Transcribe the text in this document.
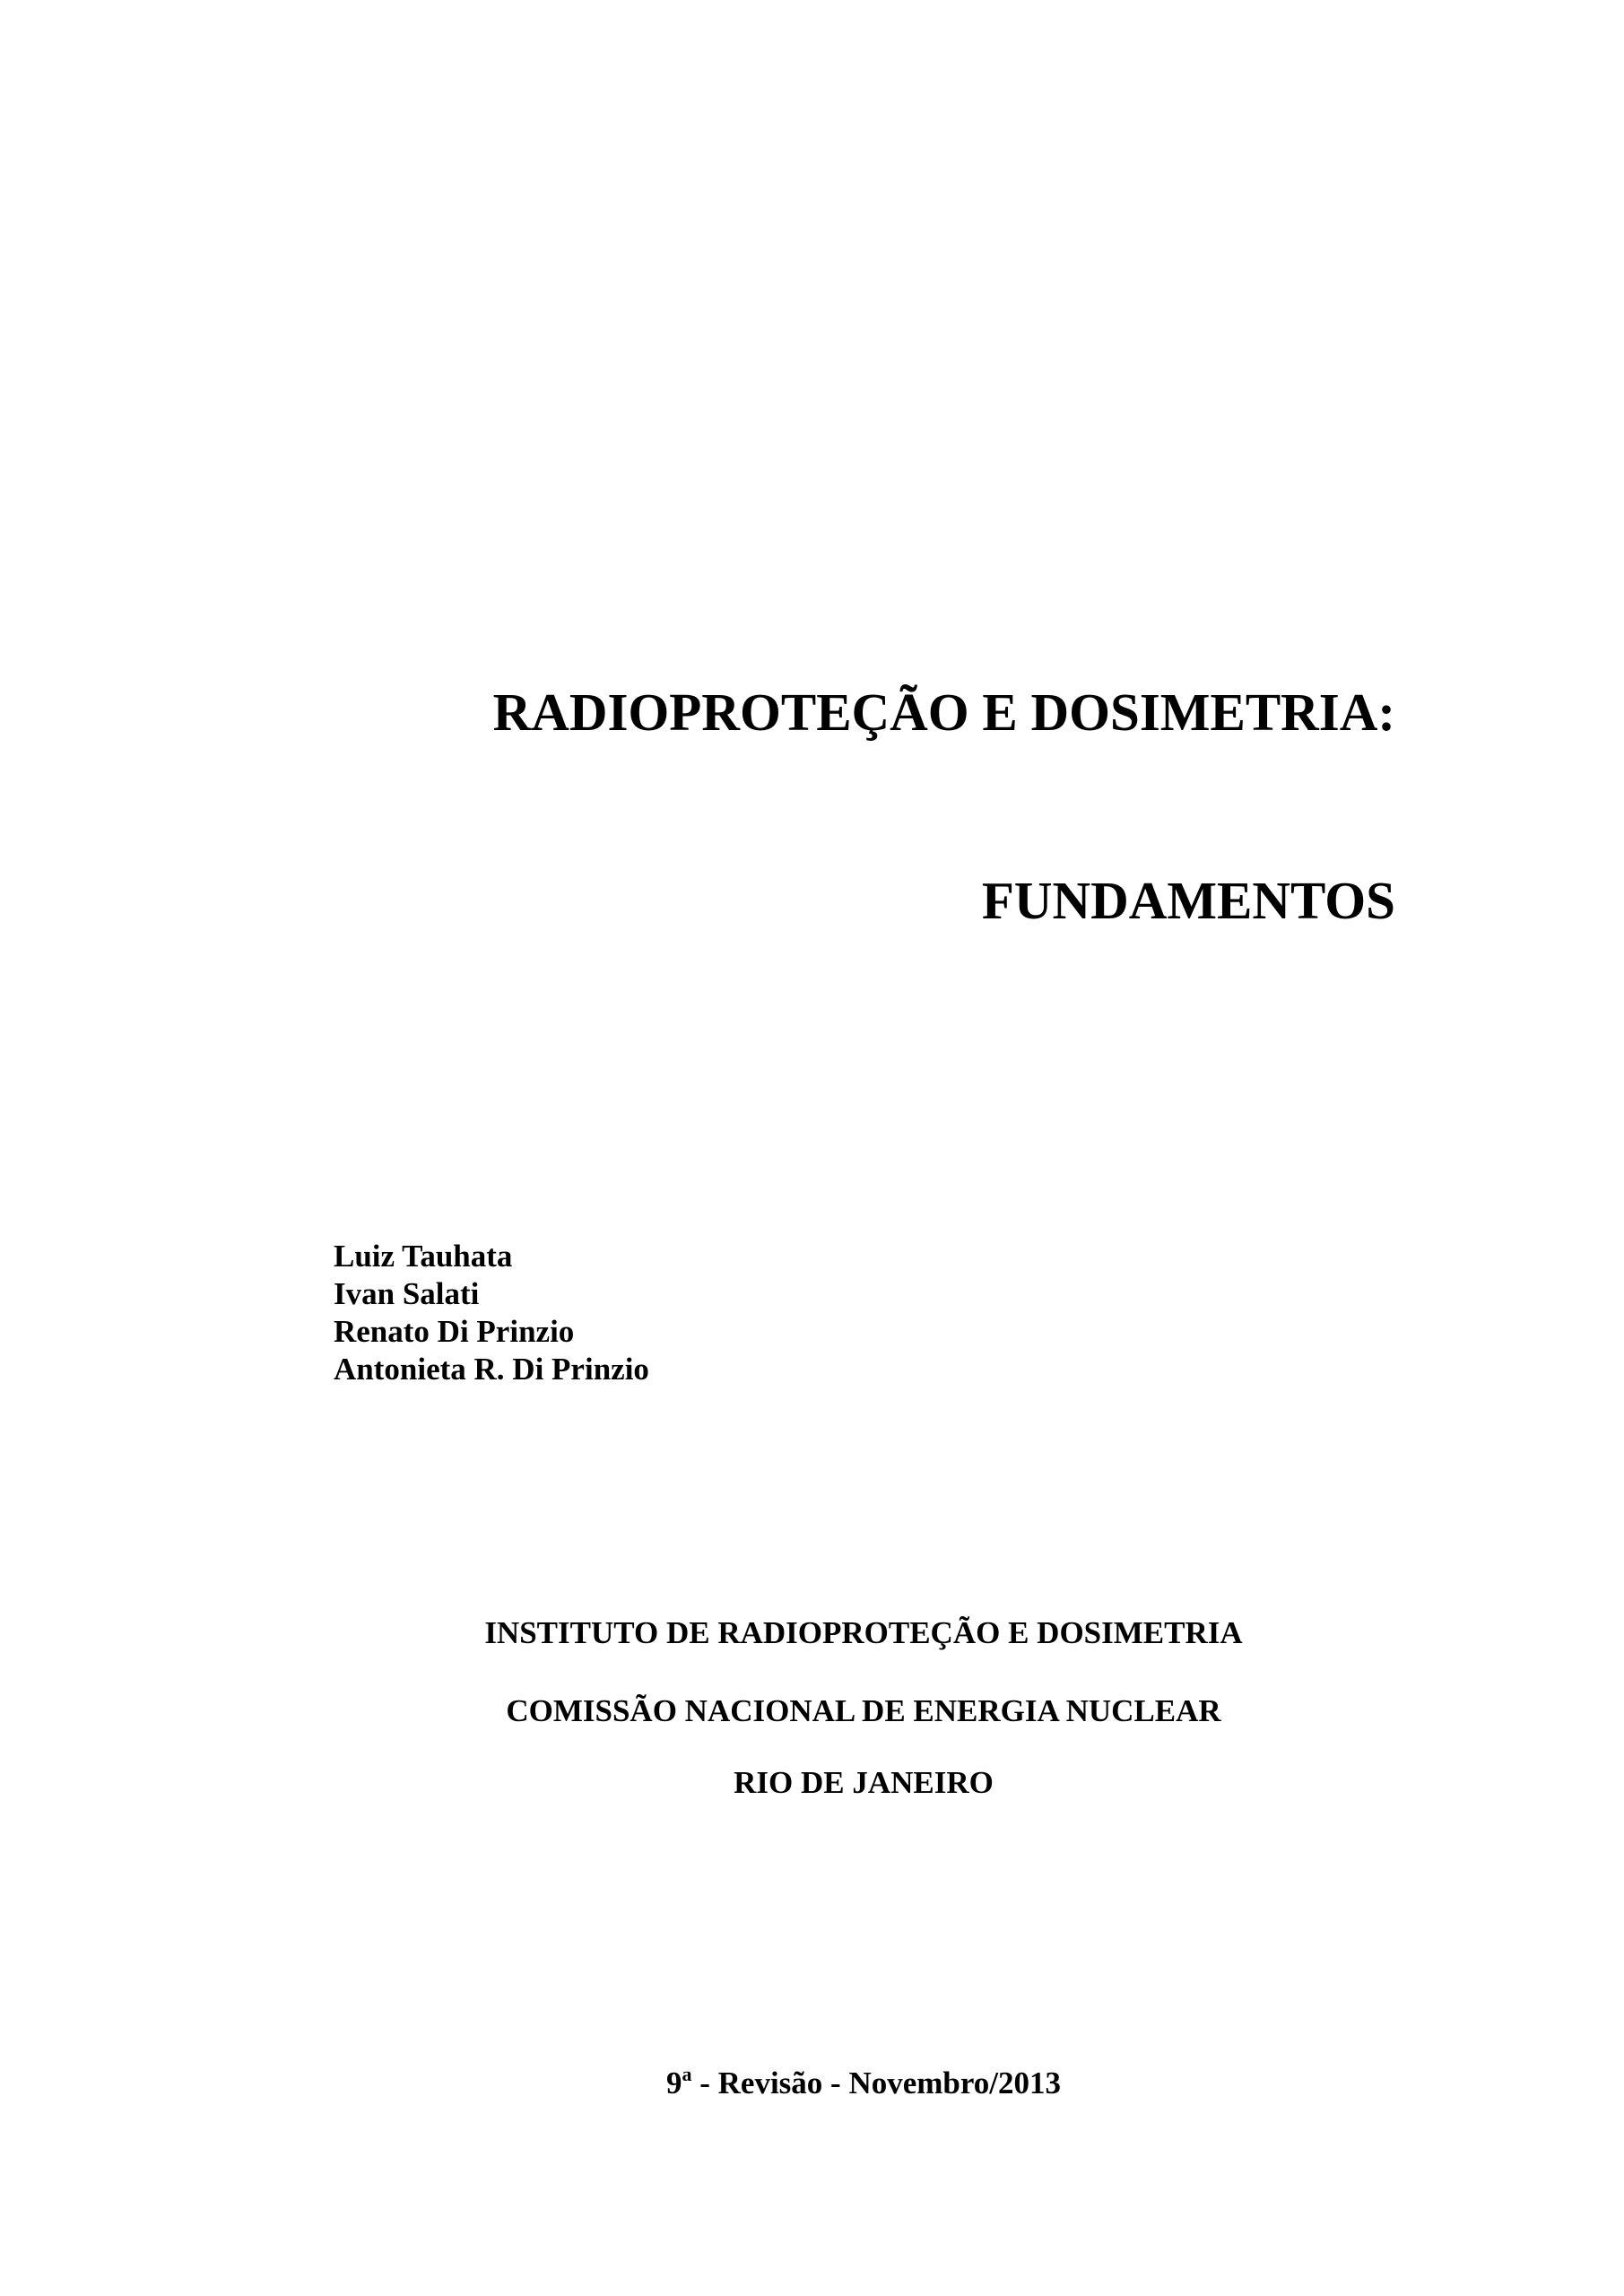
RADIOPROTEÇÃO E DOSIMETRIA:
FUNDAMENTOS
Luiz Tauhata
Ivan Salati
Renato Di Prinzio
Antonieta R. Di Prinzio
INSTITUTO DE RADIOPROTEÇÃO E DOSIMETRIA
COMISSÃO NACIONAL DE ENERGIA NUCLEAR
RIO DE JANEIRO
9$^a$ - Revisão - Novembro/2013
